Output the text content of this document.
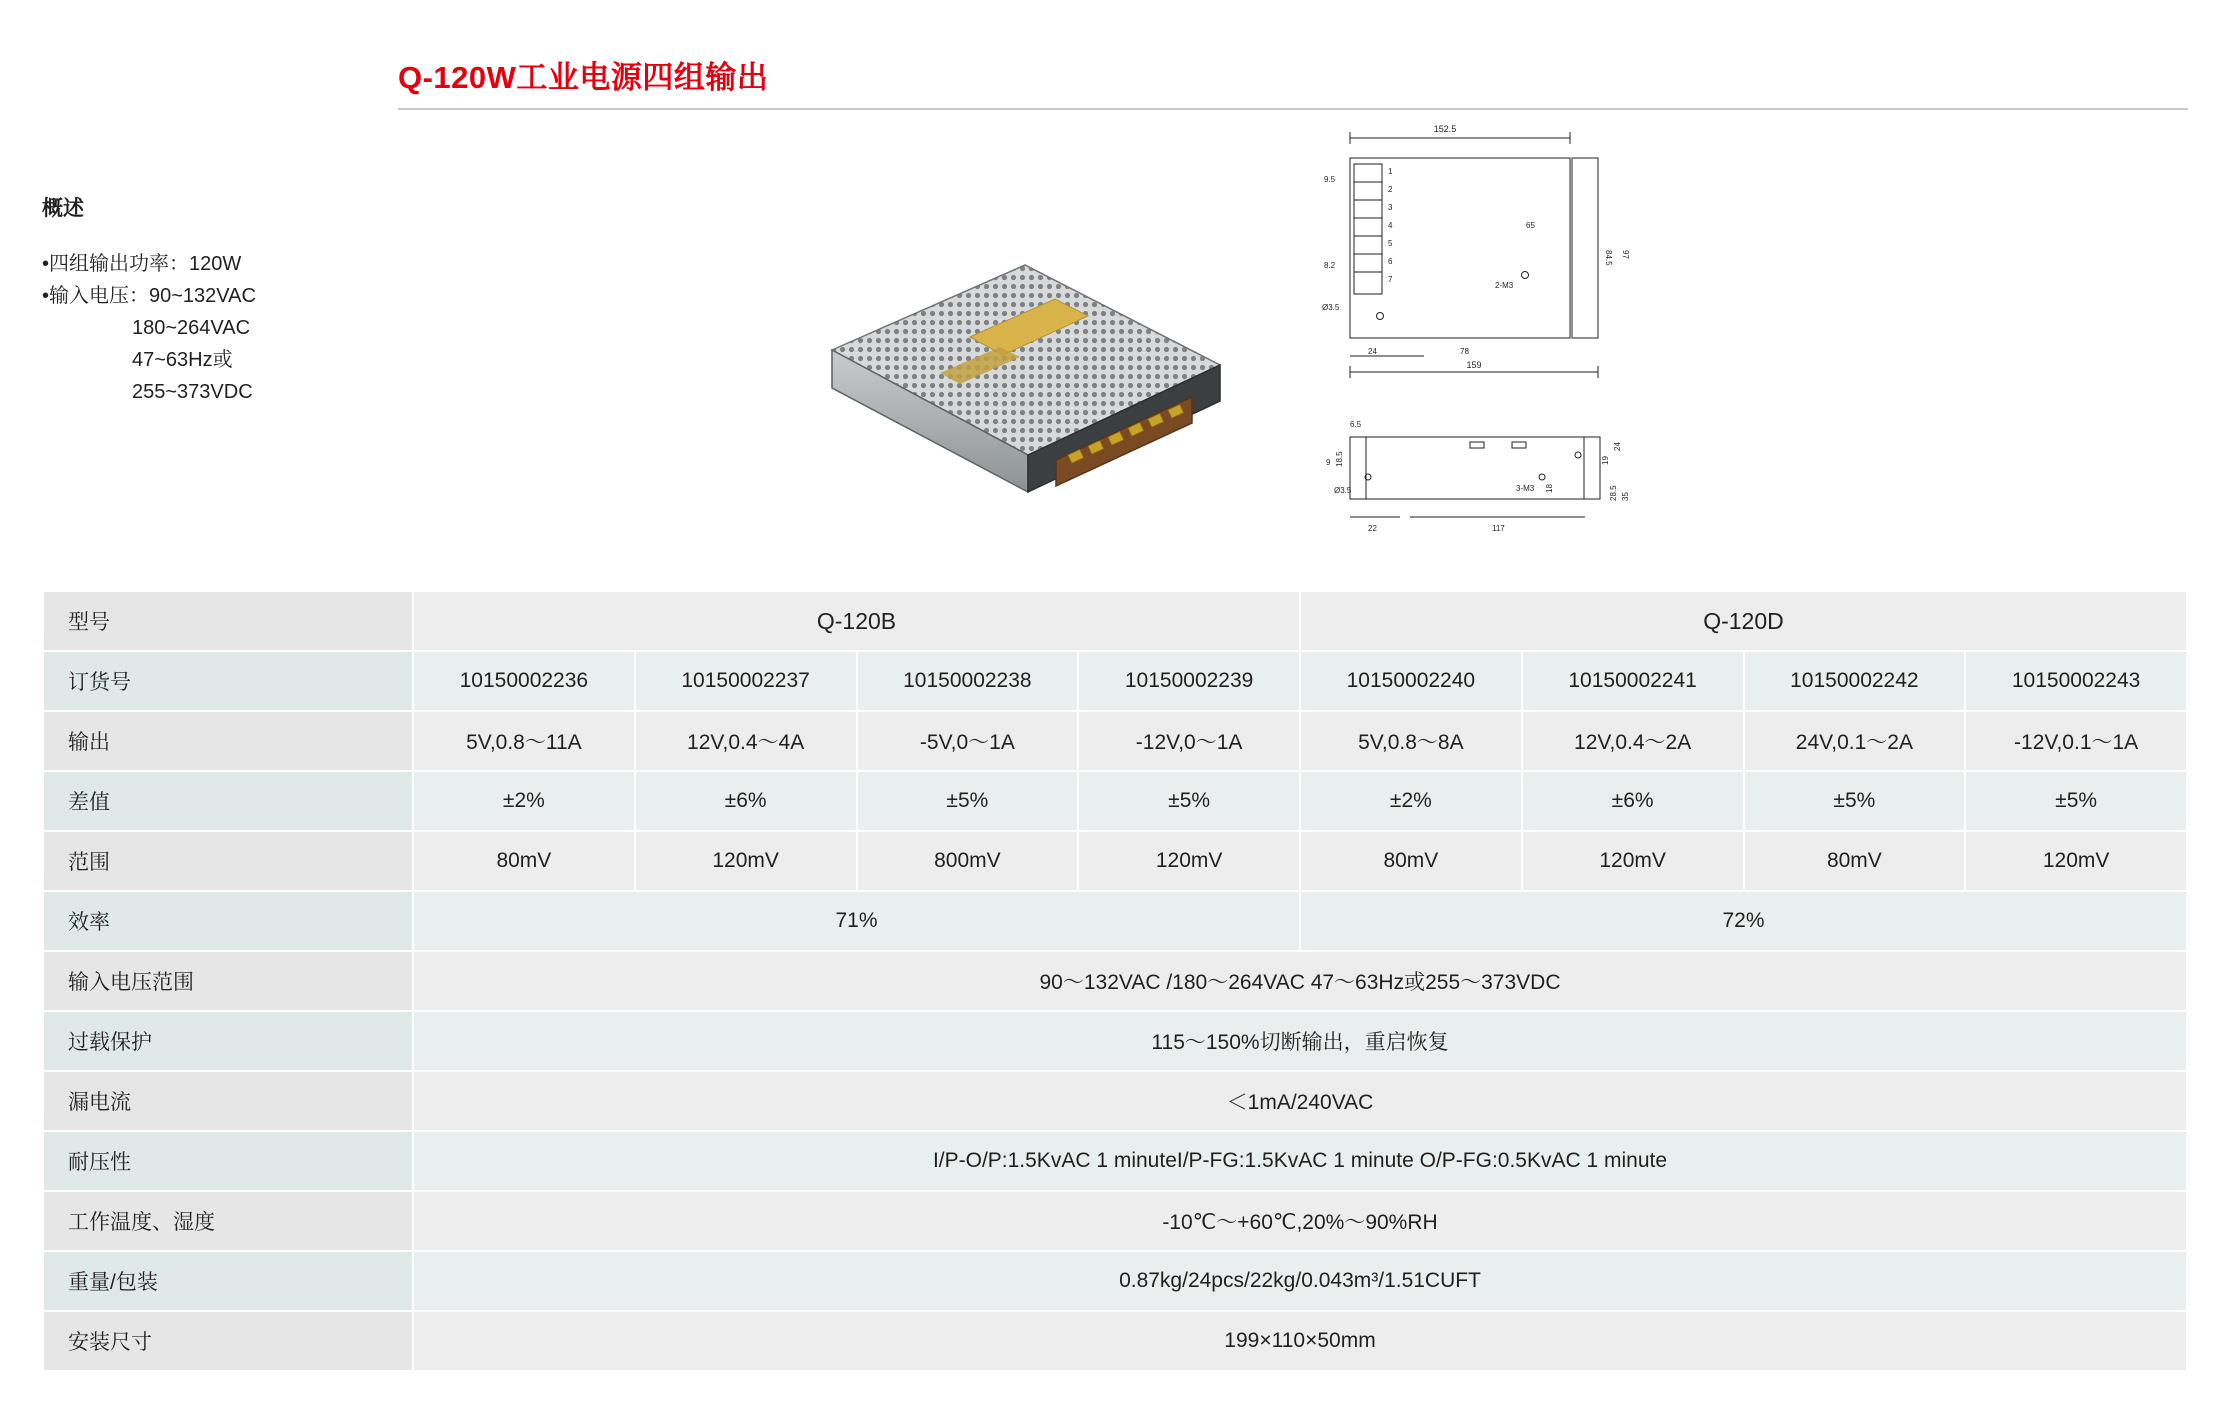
Q-120W工业电源四组输出
概述
•四组输出功率：120W
•输入电压：90~132VAC
180~264VAC
47~63Hz或
255~373VDC
152.5
1
2
3
4
5
6
7
2-M3
9.5
8.2
Ø3.5
65
84.5 97
24	78
159
6.5
9 18.5
Ø3.5	3-M3 18
19
28.5 35
24
22	117
型号	Q-120B				Q-120D			
订货号	10150002236	10150002237	10150002238	10150002239	10150002240	10150002241	10150002242	10150002243
输出	5V,0.8〜11A	12V,0.4〜4A	-5V,0〜1A	-12V,0〜1A	5V,0.8〜8A	12V,0.4〜2A	24V,0.1〜2A	-12V,0.1〜1A
差值	±2%	±6%	±5%	±5%	±2%	±6%	±5%	±5%
范围	80mV	120mV	800mV	120mV	80mV	120mV	80mV	120mV
效率	71%				72%			
输入电压范围	90〜132VAC /180〜264VAC 47〜63Hz或255〜373VDC							
过载保护	115〜150%切断输出，重启恢复							
漏电流	＜1mA/240VAC							
耐压性	I/P-O/P:1.5KvAC 1 minuteI/P-FG:1.5KvAC 1 minute O/P-FG:0.5KvAC 1 minute							
工作温度、湿度	-10℃〜+60℃,20%〜90%RH							
重量/包装	0.87kg/24pcs/22kg/0.043m³/1.51CUFT							
安装尺寸	199×110×50mm							
